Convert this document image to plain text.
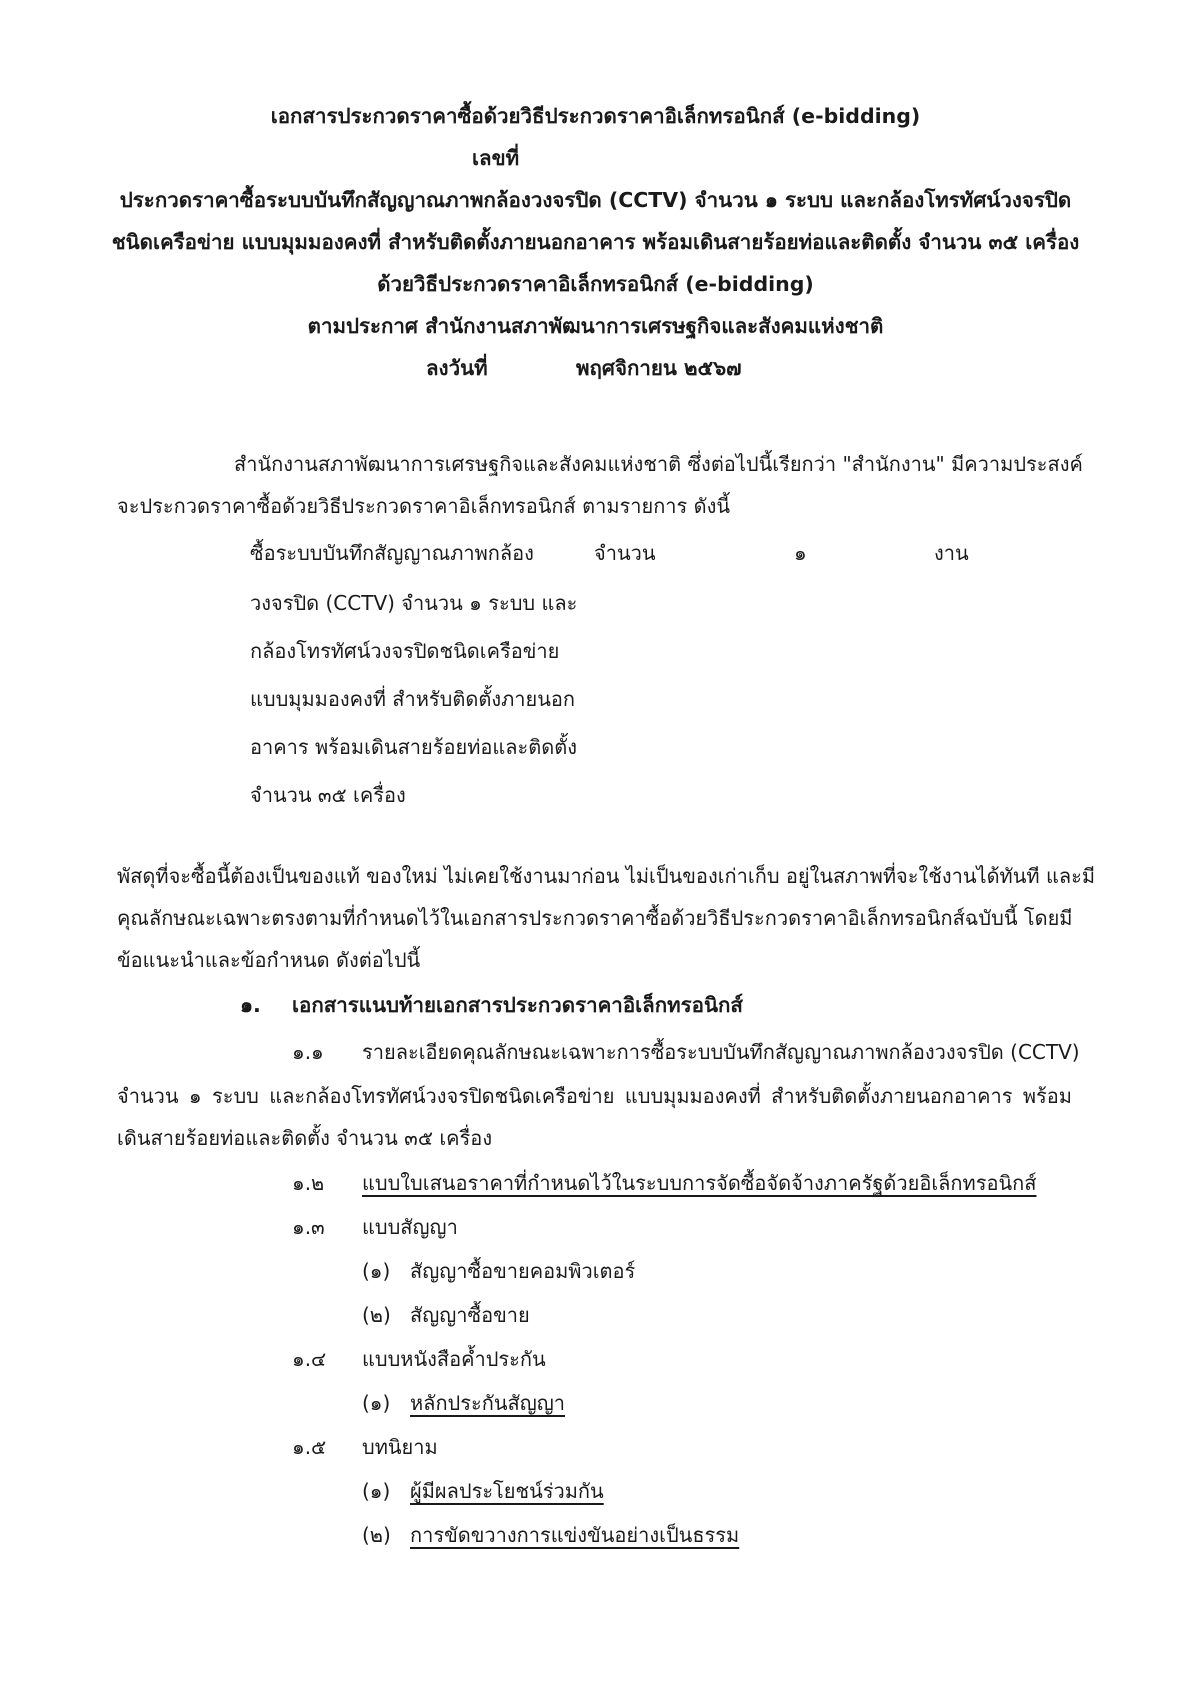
เอกสารประกวดราคาซื้อด้วยวิธีประกวดราคาอิเล็กทรอนิกส์ (e-bidding)
เลขที่
ประกวดราคาซื้อระบบบันทึกสัญญาณภาพกล้องวงจรปิด (CCTV) จำนวน ๑ ระบบ และกล้องโทรทัศน์วงจรปิด
ชนิดเครือข่าย แบบมุมมองคงที่ สำหรับติดตั้งภายนอกอาคาร พร้อมเดินสายร้อยท่อและติดตั้ง จำนวน ๓๕ เครื่อง
ด้วยวิธีประกวดราคาอิเล็กทรอนิกส์ (e-bidding)
ตามประกาศ สำนักงานสภาพัฒนาการเศรษฐกิจและสังคมแห่งชาติ
ลงวันที่	พฤศจิกายน ๒๕๖๗
สำนักงานสภาพัฒนาการเศรษฐกิจและสังคมแห่งชาติ ซึ่งต่อไปนี้เรียกว่า "สำนักงาน" มีความประสงค์
จะประกวดราคาซื้อด้วยวิธีประกวดราคาอิเล็กทรอนิกส์ ตามรายการ ดังนี้
ซื้อระบบบันทึกสัญญาณภาพกล้อง
วงจรปิด (CCTV) จำนวน ๑ ระบบ และ
กล้องโทรทัศน์วงจรปิดชนิดเครือข่าย
แบบมุมมองคงที่ สำหรับติดตั้งภายนอก
อาคาร พร้อมเดินสายร้อยท่อและติดตั้ง
จำนวน ๓๕ เครื่อง
จำนวน	๑	งาน
พัสดุที่จะซื้อนี้ต้องเป็นของแท้ ของใหม่ ไม่เคยใช้งานมาก่อน ไม่เป็นของเก่าเก็บ อยู่ในสภาพที่จะใช้งานได้ทันที และมี
คุณลักษณะเฉพาะตรงตามที่กำหนดไว้ในเอกสารประกวดราคาซื้อด้วยวิธีประกวดราคาอิเล็กทรอนิกส์ฉบับนี้ โดยมี
ข้อแนะนำและข้อกำหนด ดังต่อไปนี้
๑. เอกสารแนบท้ายเอกสารประกวดราคาอิเล็กทรอนิกส์
๑.๑ รายละเอียดคุณลักษณะเฉพาะการซื้อระบบบันทึกสัญญาณภาพกล้องวงจรปิด (CCTV)
จำนวน ๑ ระบบ และกล้องโทรทัศน์วงจรปิดชนิดเครือข่าย แบบมุมมองคงที่ สำหรับติดตั้งภายนอกอาคาร พร้อม
เดินสายร้อยท่อและติดตั้ง จำนวน ๓๕ เครื่อง
๑.๒ แบบใบเสนอราคาที่กำหนดไว้ในระบบการจัดซื้อจัดจ้างภาครัฐด้วยอิเล็กทรอนิกส์
๑.๓ แบบสัญญา
(๑) สัญญาซื้อขายคอมพิวเตอร์
(๒) สัญญาซื้อขาย
๑.๔ แบบหนังสือค้ำประกัน
(๑) หลักประกันสัญญา
๑.๕ บทนิยาม
(๑) ผู้มีผลประโยชน์ร่วมกัน
(๒) การขัดขวางการแข่งขันอย่างเป็นธรรม
